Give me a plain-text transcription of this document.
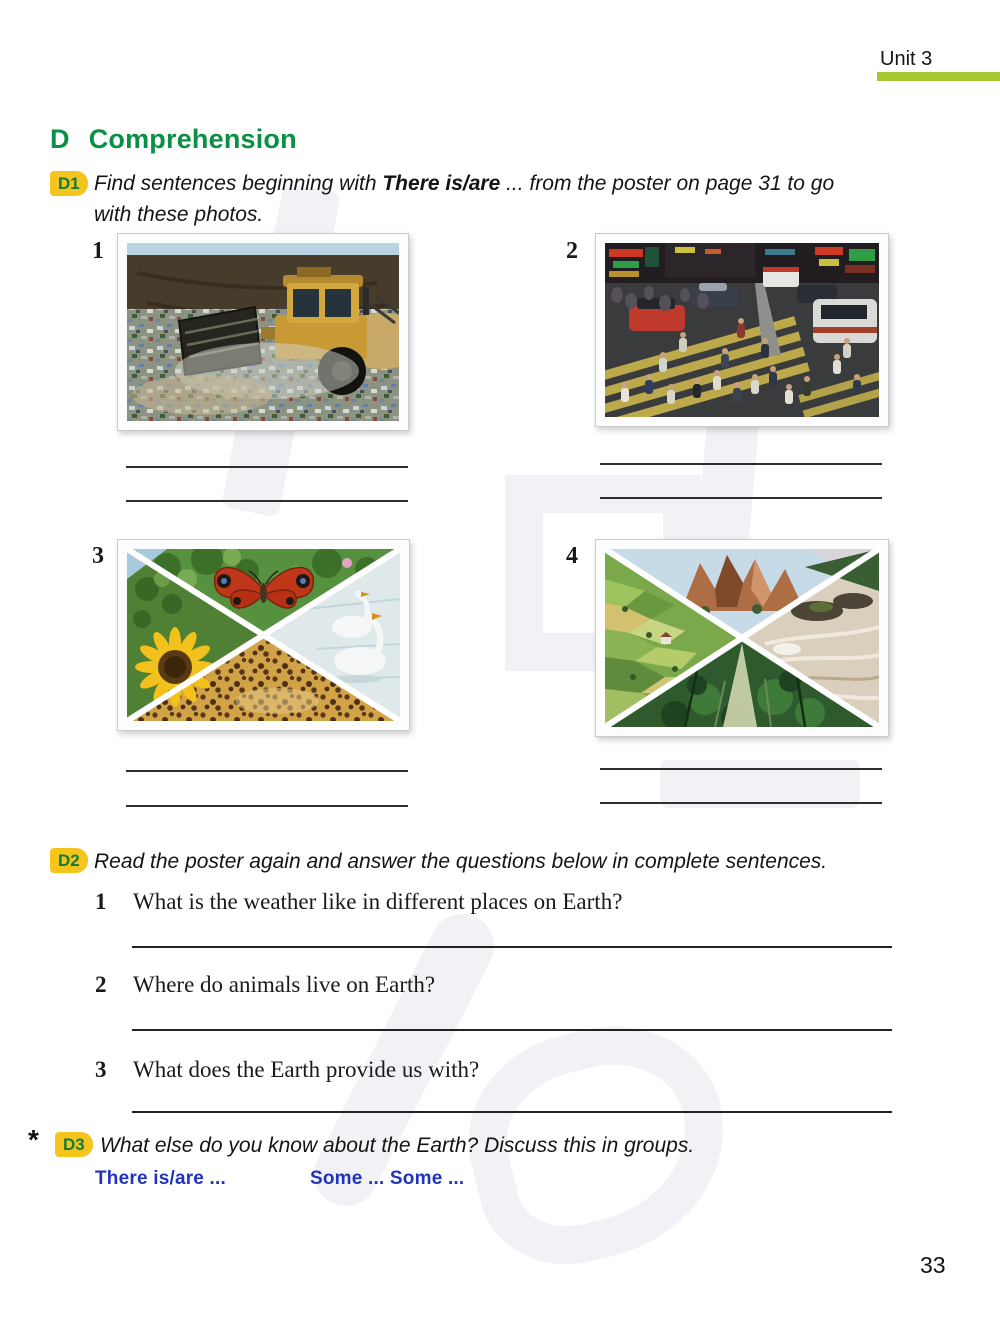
Unit 3
D Comprehension
D1 Find sentences beginning with There is/are ... from the poster on page 31 to go
with these photos.
1	2
3	4
D2 Read the poster again and answer the questions below in complete sentences.
1 What is the weather like in different places on Earth?
2 Where do animals live on Earth?
3 What does the Earth provide us with?
*	D3 What else do you know about the Earth? Discuss this in groups.
There is/are ...	Some ... Some ...
33
